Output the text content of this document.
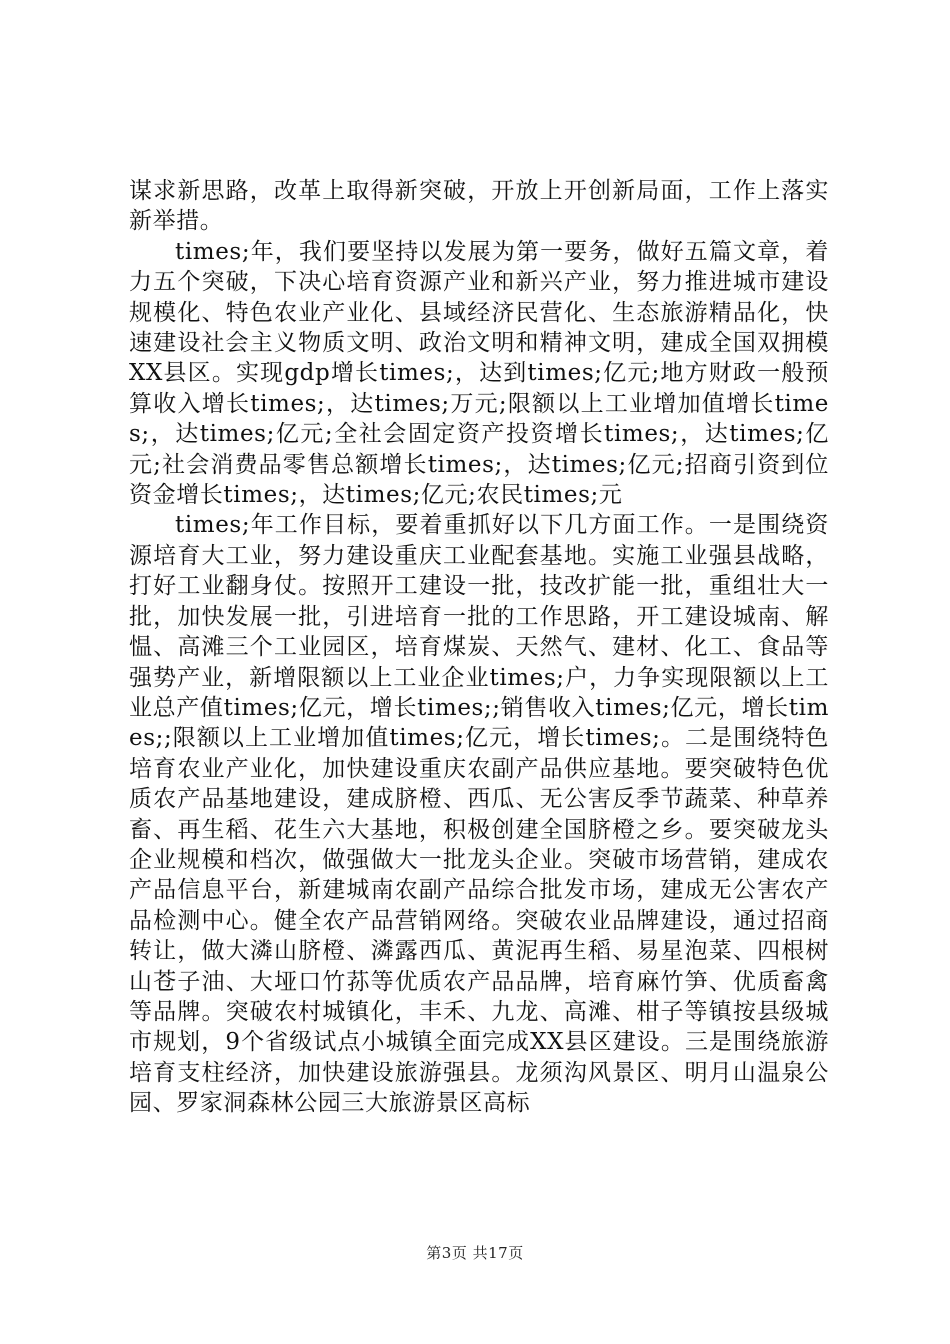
谋求新思路，改革上取得新突破，开放上开创新局面，工作上落实新举措。

times;年，我们要坚持以发展为第一要务，做好五篇文章，着力五个突破，下决心培育资源产业和新兴产业，努力推进城市建设规模化、特色农业产业化、县域经济民营化、生态旅游精品化，快速建设社会主义物质文明、政治文明和精神文明，建成全国双拥模XX县区。实现gdp增长times;，达到times;亿元;地方财政一般预算收入增长times;，达times;万元;限额以上工业增加值增长times;，达times;亿元;全社会固定资产投资增长times;，达times;亿元;社会消费品零售总额增长times;，达times;亿元;招商引资到位资金增长times;，达times;亿元;农民times;元

times;年工作目标，要着重抓好以下几方面工作。一是围绕资源培育大工业，努力建设重庆工业配套基地。实施工业强县战略，打好工业翻身仗。按照开工建设一批，技改扩能一批，重组壮大一批，加快发展一批，引进培育一批的工作思路，开工建设城南、解愠、高滩三个工业园区，培育煤炭、天然气、建材、化工、食品等强势产业，新增限额以上工业企业times;户，力争实现限额以上工业总产值times;亿元，增长times;;销售收入times;亿元，增长times;;限额以上工业增加值times;亿元，增长times;。二是围绕特色培育农业产业化，加快建设重庆农副产品供应基地。要突破特色优质农产品基地建设，建成脐橙、西瓜、无公害反季节蔬菜、种草养畜、再生稻、花生六大基地，积极创建全国脐橙之乡。要突破龙头企业规模和档次，做强做大一批龙头企业。突破市场营销，建成农产品信息平台，新建城南农副产品综合批发市场，建成无公害农产品检测中心。健全农产品营销网络。突破农业品牌建设，通过招商转让，做大潾山脐橙、潾露西瓜、黄泥再生稻、易星泡菜、四根树山苍子油、大垭口竹荪等优质农产品品牌，培育麻竹笋、优质畜禽等品牌。突破农村城镇化，丰禾、九龙、高滩、柑子等镇按县级城市规划，9个省级试点小城镇全面完成XX县区建设。三是围绕旅游培育支柱经济，加快建设旅游强县。龙须沟风景区、明月山温泉公园、罗家洞森林公园三大旅游景区高标

第3页 共17页
